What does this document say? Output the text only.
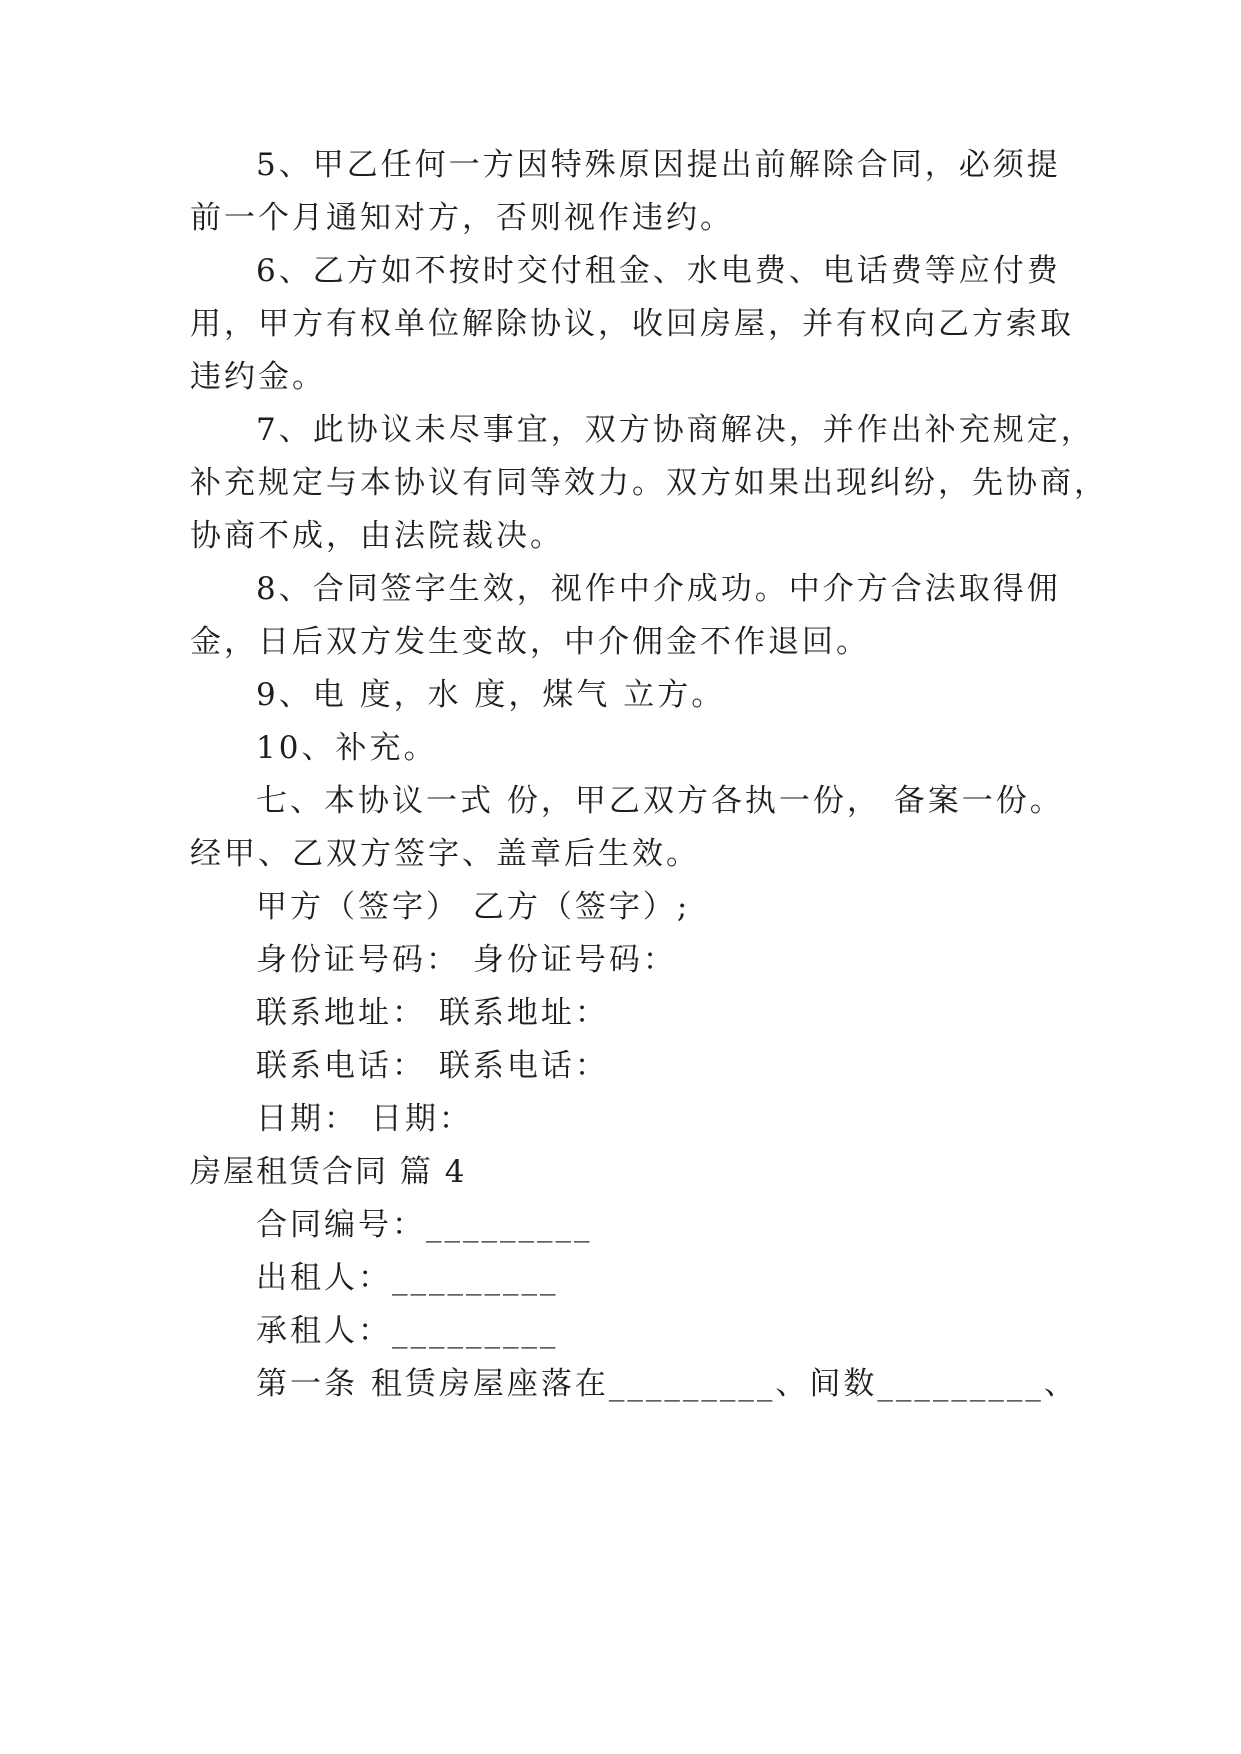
5、甲乙任何一方因特殊原因提出前解除合同，必须提
前一个月通知对方，否则视作违约。
6、乙方如不按时交付租金、水电费、电话费等应付费
用，甲方有权单位解除协议，收回房屋，并有权向乙方索取
违约金。
7、此协议未尽事宜，双方协商解决，并作出补充规定，
补充规定与本协议有同等效力。双方如果出现纠纷，先协商，
协商不成，由法院裁决。
8、合同签字生效，视作中介成功。中介方合法取得佣
金，日后双方发生变故，中介佣金不作退回。
9、电 度，水 度，煤气 立方。
10、补充。
七、本协议一式 份，甲乙双方各执一份， 备案一份。
经甲、乙双方签字、盖章后生效。
甲方（签字） 乙方（签字）;
身份证号码： 身份证号码：
联系地址： 联系地址：
联系电话： 联系电话：
日期： 日期：
房屋租赁合同 篇 4
合同编号：_________
出租人：_________
承租人：_________
第一条 租赁房屋座落在_________、间数_________、
